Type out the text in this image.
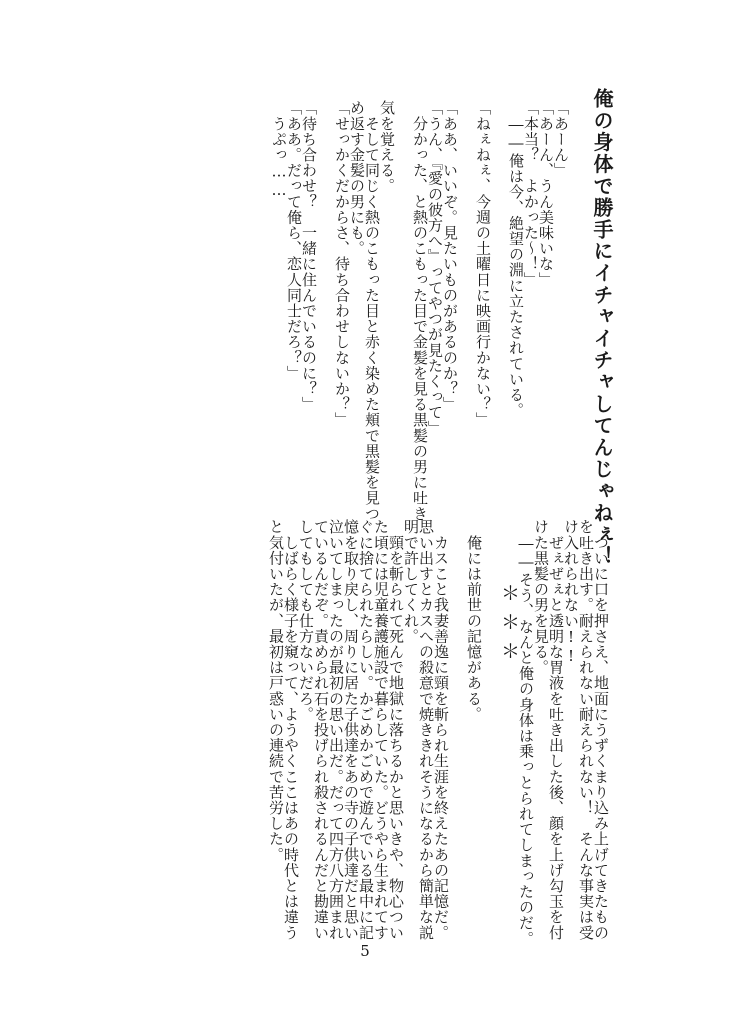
俺の身体で勝手にイチャイチャしてんじゃねぇ！
「あーん」
「あーん、うん美味いな」
「本当？　よかった～！」
　――俺は今、絶望の淵に立たされている。
「ねぇねぇ、今週の土曜日に映画行かない？」
「ああ、いいぞ。見たいものがあるのか？」
「うん、『愛の彼方へ』ってやつが見たくって」
　分かった、と熱のこもった目で金髪を見る黒髪の男に吐き
気を覚える。
　そして同じく熱のこもった目と赤く染めた頬で黒髪を見つ
め返す金髪の男にも。
「せっかくだからさ、待ち合わせしないか？」
「待ち合わせ？　一緒に住んでいるのに？」
「ああ。だって俺ら、恋人同士だろ？」
　うぷっ……
　ついに口を押さえ、地面にうずくまり込み上げてきたもの
を吐き出す。耐えられない耐えられない！　そんな事実は受
け入れられない!!
　ぜぇぜぇと透明な胃液を吐き出した後、顔を上げ勾玉を付
けた黒髪の男を見る。
　――そう、なんと俺の身体は乗っとられてしまったのだ。
＊＊＊
　俺には前世の記憶がある。
　カスこと我妻善逸に頸を斬られ生涯を終えたあの記憶だ。
思い出すとカスへの殺意で焼ききれそうになるから簡単な説
明で許してくれ。
　頸を斬られて死んで地獄に落ちるかと思いきや、物心つい
た頃には児童養護施設で暮らしていた。どうやら生まれてす
ぐに捨てられたらしい。かごめかごめで遊んでいる最中に記
憶を取り戻し、周りに居た子供達をあの寺の子供達だと思い
泣いてしまったのが最初の思い出だ。だって四方八方囲まれ
ているんだぞ。責められ石を投げられ殺されるんだと勘違い
してもしても仕方ないだろ。
　しばらく様子を窺って、ようやくここはあの時代とは違う
と気付いたが、最初は戸惑いの連続で苦労した。
5
